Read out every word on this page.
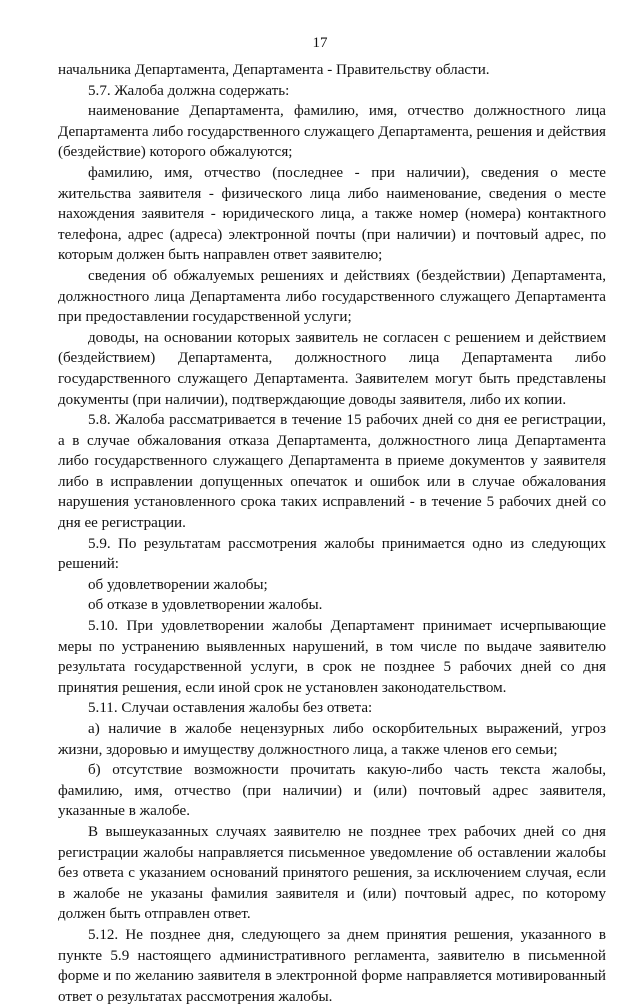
17

начальника Департамента, Департамента - Правительству области.

5.7. Жалоба должна содержать:

наименование Департамента, фамилию, имя, отчество должностного лица Департамента либо государственного служащего Департамента, решения и действия (бездействие) которого обжалуются;

фамилию, имя, отчество (последнее - при наличии), сведения о месте жительства заявителя - физического лица либо наименование, сведения о месте нахождения заявителя - юридического лица, а также номер (номера) контактного телефона, адрес (адреса) электронной почты (при наличии) и почтовый адрес, по которым должен быть направлен ответ заявителю;

сведения об обжалуемых решениях и действиях (бездействии) Департамента, должностного лица Департамента либо государственного служащего Департамента при предоставлении государственной услуги;

доводы, на основании которых заявитель не согласен с решением и действием (бездействием) Департамента, должностного лица Департамента либо государственного служащего Департамента. Заявителем могут быть представлены документы (при наличии), подтверждающие доводы заявителя, либо их копии.

5.8. Жалоба рассматривается в течение 15 рабочих дней со дня ее регистрации, а в случае обжалования отказа Департамента, должностного лица Департамента либо государственного служащего Департамента в приеме документов у заявителя либо в исправлении допущенных опечаток и ошибок или в случае обжалования нарушения установленного срока таких исправлений - в течение 5 рабочих дней со дня ее регистрации.

5.9. По результатам рассмотрения жалобы принимается одно из следующих решений:

об удовлетворении жалобы;

об отказе в удовлетворении жалобы.

5.10. При удовлетворении жалобы Департамент принимает исчерпывающие меры по устранению выявленных нарушений, в том числе по выдаче заявителю результата государственной услуги, в срок не позднее 5 рабочих дней со дня принятия решения, если иной срок не установлен законодательством.

5.11. Случаи оставления жалобы без ответа:

а) наличие в жалобе нецензурных либо оскорбительных выражений, угроз жизни, здоровью и имуществу должностного лица, а также членов его семьи;

б) отсутствие возможности прочитать какую-либо часть текста жалобы, фамилию, имя, отчество (при наличии) и (или) почтовый адрес заявителя, указанные в жалобе.

В вышеуказанных случаях заявителю не позднее трех рабочих дней со дня регистрации жалобы направляется письменное уведомление об оставлении жалобы без ответа с указанием оснований принятого решения, за исключением случая, если в жалобе не указаны фамилия заявителя и (или) почтовый адрес, по которому должен быть отправлен ответ.

5.12. Не позднее дня, следующего за днем принятия решения, указанного в пункте 5.9 настоящего административного регламента, заявителю в письменной форме и по желанию заявителя в электронной форме направляется мотивированный ответ о результатах рассмотрения жалобы.
